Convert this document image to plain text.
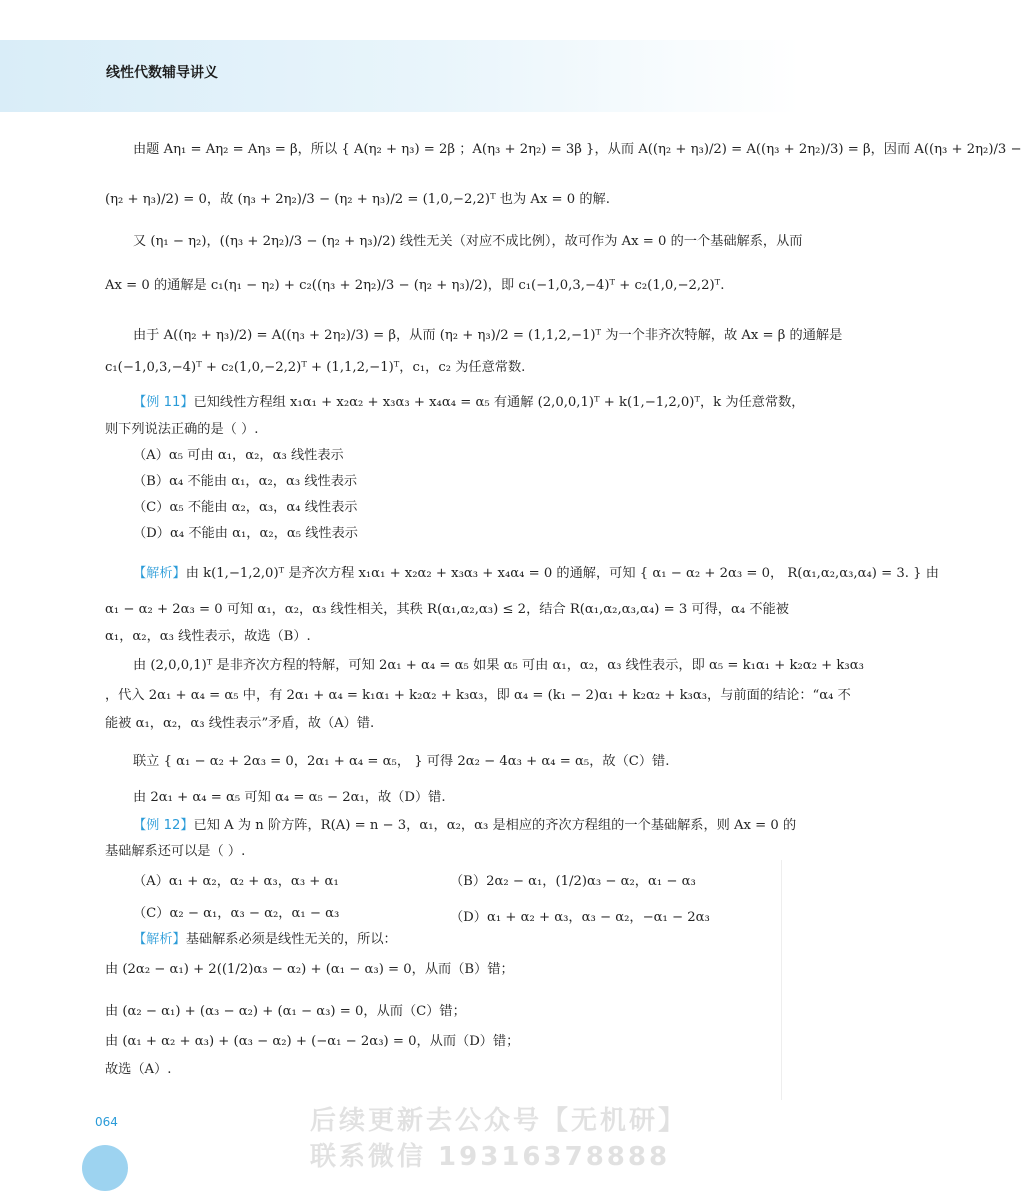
线性代数辅导讲义
由题 Aη₁ = Aη₂ = Aη₃ = β，所以 { A(η₂ + η₃) = 2β ；A(η₃ + 2η₂) = 3β }，从而 A((η₂ + η₃)/2) = A((η₃ + 2η₂)/3) = β，因而 A((η₃ + 2η₂)/3 −
(η₂ + η₃)/2) = 0，故 (η₃ + 2η₂)/3 − (η₂ + η₃)/2 = (1,0,−2,2)ᵀ 也为 Ax = 0 的解.
又 (η₁ − η₂)，((η₃ + 2η₂)/3 − (η₂ + η₃)/2) 线性无关（对应不成比例），故可作为 Ax = 0 的一个基础解系，从而
Ax = 0 的通解是 c₁(η₁ − η₂) + c₂((η₃ + 2η₂)/3 − (η₂ + η₃)/2)，即 c₁(−1,0,3,−4)ᵀ + c₂(1,0,−2,2)ᵀ.
由于 A((η₂ + η₃)/2) = A((η₃ + 2η₂)/3) = β，从而 (η₂ + η₃)/2 = (1,1,2,−1)ᵀ 为一个非齐次特解，故 Ax = β 的通解是
c₁(−1,0,3,−4)ᵀ + c₂(1,0,−2,2)ᵀ + (1,1,2,−1)ᵀ，c₁，c₂ 为任意常数.
【例 11】已知线性方程组 x₁α₁ + x₂α₂ + x₃α₃ + x₄α₄ = α₅ 有通解 (2,0,0,1)ᵀ + k(1,−1,2,0)ᵀ，k 为任意常数，
则下列说法正确的是（ ）.
（A）α₅ 可由 α₁，α₂，α₃ 线性表示
（B）α₄ 不能由 α₁，α₂，α₃ 线性表示
（C）α₅ 不能由 α₂，α₃，α₄ 线性表示
（D）α₄ 不能由 α₁，α₂，α₅ 线性表示
【解析】由 k(1,−1,2,0)ᵀ 是齐次方程 x₁α₁ + x₂α₂ + x₃α₃ + x₄α₄ = 0 的通解，可知 { α₁ − α₂ + 2α₃ = 0， R(α₁,α₂,α₃,α₄) = 3. } 由
α₁ − α₂ + 2α₃ = 0 可知 α₁，α₂，α₃ 线性相关，其秩 R(α₁,α₂,α₃) ≤ 2，结合 R(α₁,α₂,α₃,α₄) = 3 可得，α₄ 不能被
α₁，α₂，α₃ 线性表示，故选（B）.
由 (2,0,0,1)ᵀ 是非齐次方程的特解，可知 2α₁ + α₄ = α₅ 如果 α₅ 可由 α₁，α₂，α₃ 线性表示，即 α₅ = k₁α₁ + k₂α₂ + k₃α₃
，代入 2α₁ + α₄ = α₅ 中，有 2α₁ + α₄ = k₁α₁ + k₂α₂ + k₃α₃，即 α₄ = (k₁ − 2)α₁ + k₂α₂ + k₃α₃，与前面的结论：“α₄ 不
能被 α₁，α₂，α₃ 线性表示”矛盾，故（A）错.
联立 { α₁ − α₂ + 2α₃ = 0，2α₁ + α₄ = α₅， } 可得 2α₂ − 4α₃ + α₄ = α₅，故（C）错.
由 2α₁ + α₄ = α₅ 可知 α₄ = α₅ − 2α₁，故（D）错.
【例 12】已知 A 为 n 阶方阵，R(A) = n − 3，α₁，α₂，α₃ 是相应的齐次方程组的一个基础解系，则 Ax = 0 的
基础解系还可以是（ ）.
（A）α₁ + α₂，α₂ + α₃，α₃ + α₁	（B）2α₂ − α₁，(1/2)α₃ − α₂，α₁ − α₃
（C）α₂ − α₁，α₃ − α₂，α₁ − α₃	（D）α₁ + α₂ + α₃，α₃ − α₂，−α₁ − 2α₃
【解析】基础解系必须是线性无关的，所以：
由 (2α₂ − α₁) + 2((1/2)α₃ − α₂) + (α₁ − α₃) = 0，从而（B）错；
由 (α₂ − α₁) + (α₃ − α₂) + (α₁ − α₃) = 0，从而（C）错；
由 (α₁ + α₂ + α₃) + (α₃ − α₂) + (−α₁ − 2α₃) = 0，从而（D）错；
故选（A）.
064	后续更新去公众号【无机研】
联系微信 19316378888
